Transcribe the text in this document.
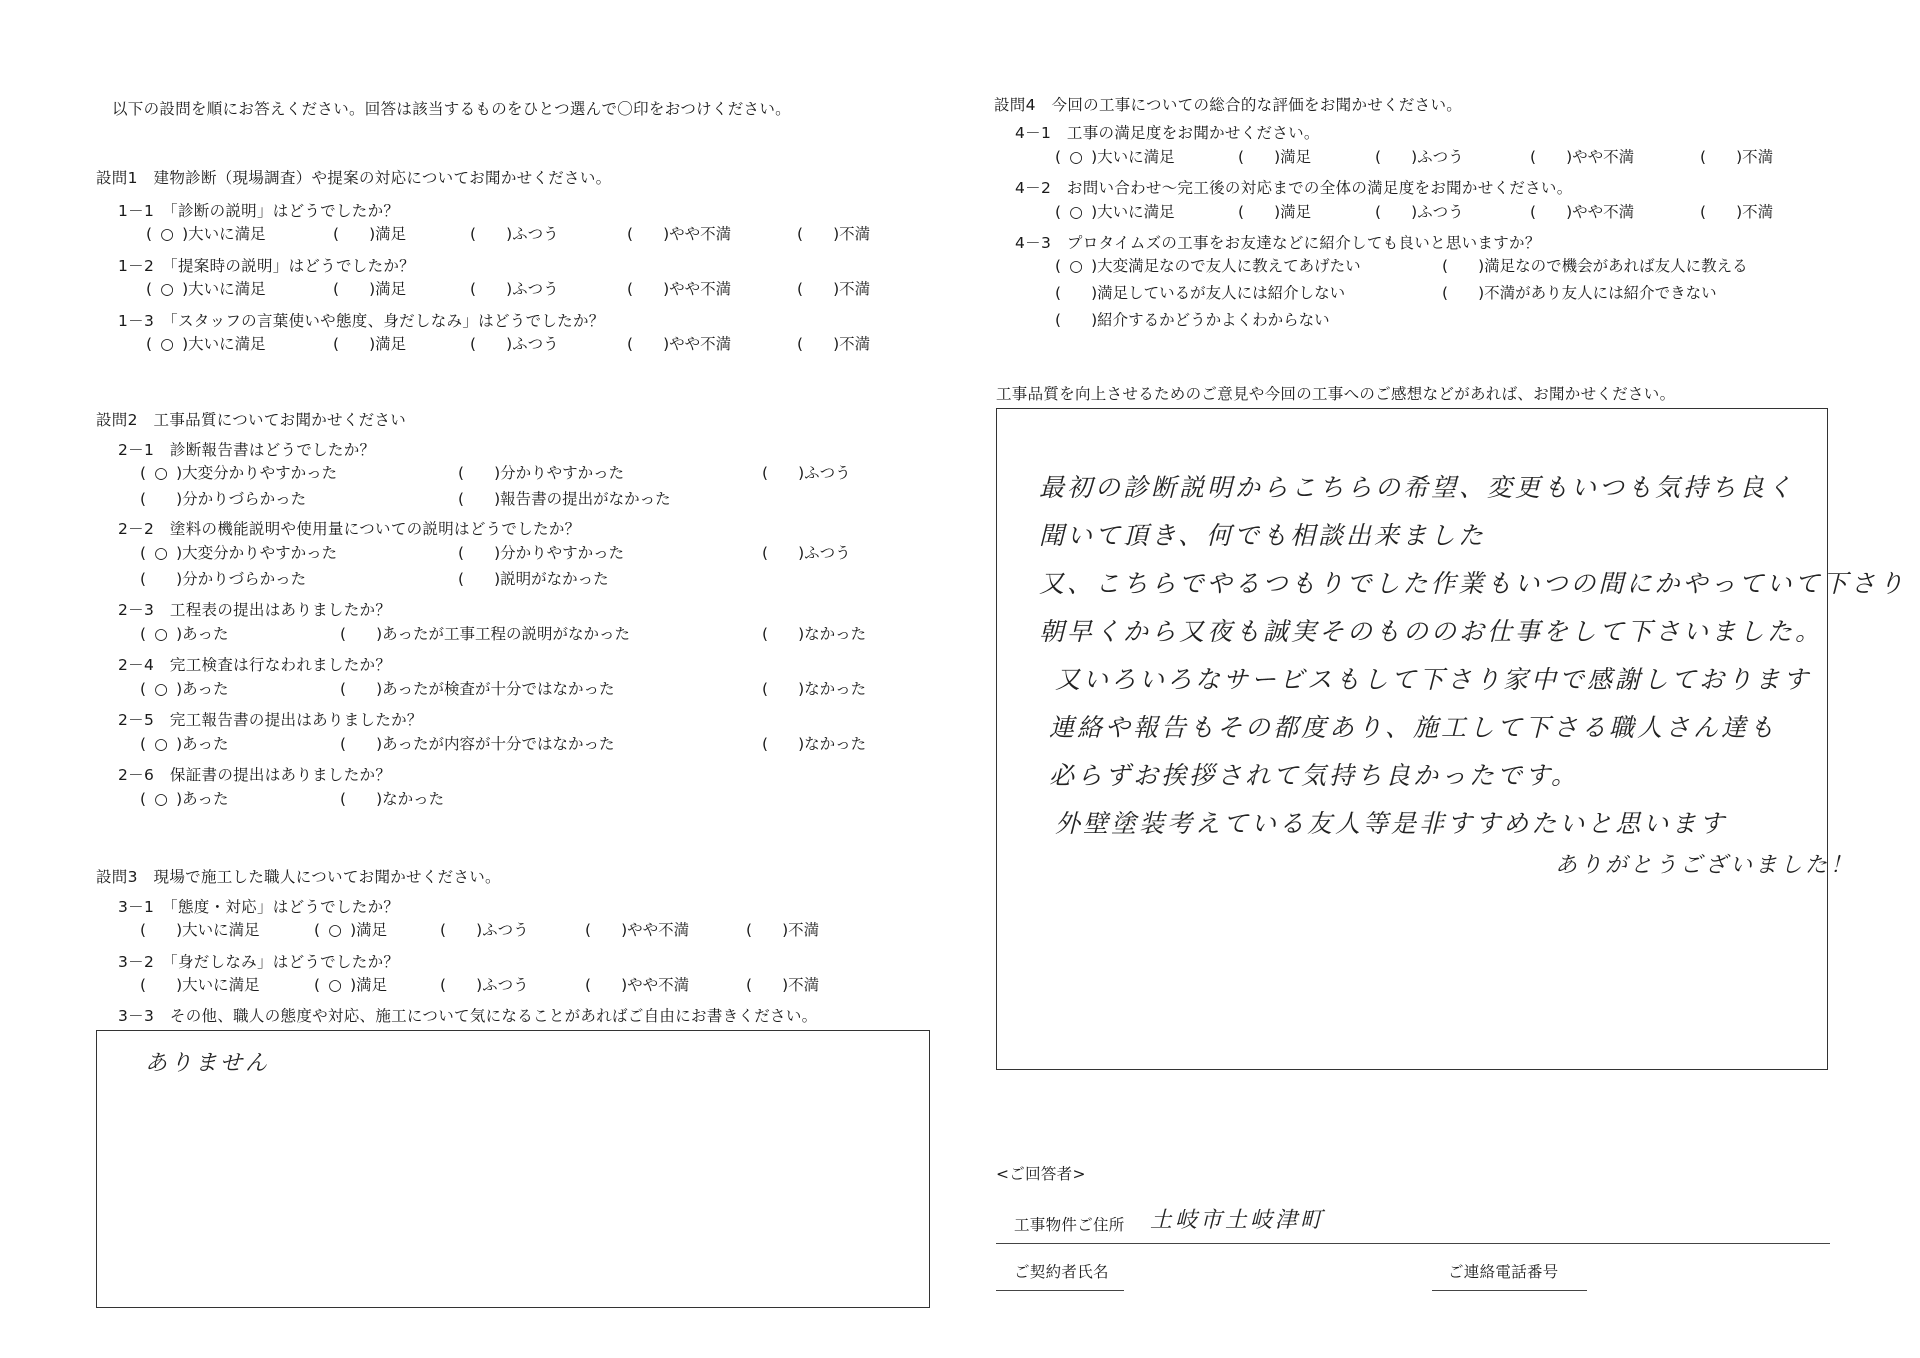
以下の設問を順にお答えください。回答は該当するものをひとつ選んで〇印をおつけください。
設問1　建物診断（現場調査）や提案の対応についてお聞かせください。
1－1　「診断の説明」はどうでしたか？
( ○ )大いに満足	( )満足	( )ふつう	( )やや不満	( )不満
1－2　「提案時の説明」はどうでしたか？
( ○ )大いに満足	( )満足	( )ふつう	( )やや不満	( )不満
1－3　「スタッフの言葉使いや態度、身だしなみ」はどうでしたか？
( ○ )大いに満足	( )満足	( )ふつう	( )やや不満	( )不満
設問2　工事品質についてお聞かせください
2－1　診断報告書はどうでしたか？
( ○ )大変分かりやすかった	( )分かりやすかった	( )ふつう
( )分かりづらかった	( )報告書の提出がなかった
2－2　塗料の機能説明や使用量についての説明はどうでしたか？
( ○ )大変分かりやすかった	( )分かりやすかった	( )ふつう
( )分かりづらかった	( )説明がなかった
2－3　工程表の提出はありましたか？
( ○ )あった	( )あったが工事工程の説明がなかった	( )なかった
2－4　完工検査は行なわれましたか？
( ○ )あった	( )あったが検査が十分ではなかった	( )なかった
2－5　完工報告書の提出はありましたか？
( ○ )あった	( )あったが内容が十分ではなかった	( )なかった
2－6　保証書の提出はありましたか？
( ○ )あった	( )なかった
設問3　現場で施工した職人についてお聞かせください。
3－1　「態度・対応」はどうでしたか？
( )大いに満足	( ○ )満足	( )ふつう	( )やや不満	( )不満
3－2　「身だしなみ」はどうでしたか？
( )大いに満足	( ○ )満足	( )ふつう	( )やや不満	( )不満
3－3　その他、職人の態度や対応、施工について気になることがあればご自由にお書きください。
ありません
設問4　今回の工事についての総合的な評価をお聞かせください。
4－1　工事の満足度をお聞かせください。
( ○ )大いに満足	( )満足	( )ふつう	( )やや不満	( )不満
4－2　お問い合わせ～完工後の対応までの全体の満足度をお聞かせください。
( ○ )大いに満足	( )満足	( )ふつう	( )やや不満	( )不満
4－3　プロタイムズの工事をお友達などに紹介しても良いと思いますか？
( ○ )大変満足なので友人に教えてあげたい	( )満足なので機会があれば友人に教える
( )満足しているが友人には紹介しない	( )不満があり友人には紹介できない
( )紹介するかどうかよくわからない
工事品質を向上させるためのご意見や今回の工事へのご感想などがあれば、お聞かせください。
最初の診断説明からこちらの希望、変更もいつも気持ち良く
聞いて頂き、何でも相談出来ました
又、こちらでやるつもりでした作業もいつの間にかやっていて下さり
朝早くから又夜も誠実そのもののお仕事をして下さいました。
又いろいろなサービスもして下さり家中で感謝しております
連絡や報告もその都度あり、施工して下さる職人さん達も
必らずお挨拶されて気持ち良かったです。
外壁塗装考えている友人等是非すすめたいと思います
ありがとうございました！
<ご回答者>
工事物件ご住所 土岐市土岐津町
ご契約者氏名	ご連絡電話番号
